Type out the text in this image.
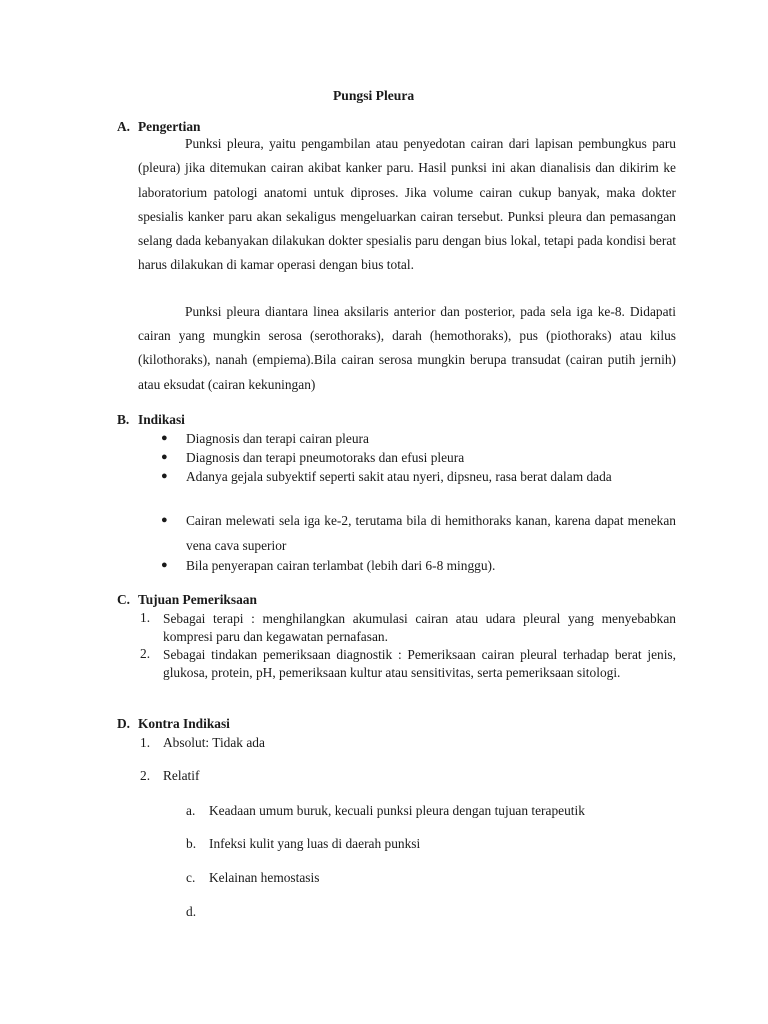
Pungsi Pleura
A. Pengertian
Punksi pleura, yaitu pengambilan atau penyedotan cairan dari lapisan pembungkus paru (pleura) jika ditemukan cairan akibat kanker paru. Hasil punksi ini akan dianalisis dan dikirim ke laboratorium patologi anatomi untuk diproses. Jika volume cairan cukup banyak, maka dokter spesialis kanker paru akan sekaligus mengeluarkan cairan tersebut. Punksi pleura dan pemasangan selang dada kebanyakan dilakukan dokter spesialis paru dengan bius lokal, tetapi pada kondisi berat harus dilakukan di kamar operasi dengan bius total.
Punksi pleura diantara linea aksilaris anterior dan posterior, pada sela iga ke-8. Didapati cairan yang mungkin serosa (serothoraks), darah (hemothoraks), pus (piothoraks) atau kilus (kilothoraks), nanah (empiema).Bila cairan serosa mungkin berupa transudat (cairan putih jernih) atau eksudat (cairan kekuningan)
B. Indikasi
● Diagnosis dan terapi cairan pleura
● Diagnosis dan terapi pneumotoraks dan efusi pleura
● Adanya gejala subyektif seperti sakit atau nyeri, dipsneu, rasa berat dalam dada
● Cairan melewati sela iga ke-2, terutama bila di hemithoraks kanan, karena dapat menekan vena cava superior
● Bila penyerapan cairan terlambat (lebih dari 6-8 minggu).
C. Tujuan Pemeriksaan
1. Sebagai terapi : menghilangkan akumulasi cairan atau udara pleural yang menyebabkan kompresi paru dan kegawatan pernafasan.
2. Sebagai tindakan pemeriksaan diagnostik : Pemeriksaan cairan pleural terhadap berat jenis, glukosa, protein, pH, pemeriksaan kultur atau sensitivitas, serta pemeriksaan sitologi.
D. Kontra Indikasi
1. Absolut: Tidak ada
2. Relatif
a. Keadaan umum buruk, kecuali punksi pleura dengan tujuan terapeutik
b. Infeksi kulit yang luas di daerah punksi
c. Kelainan hemostasis
d.
